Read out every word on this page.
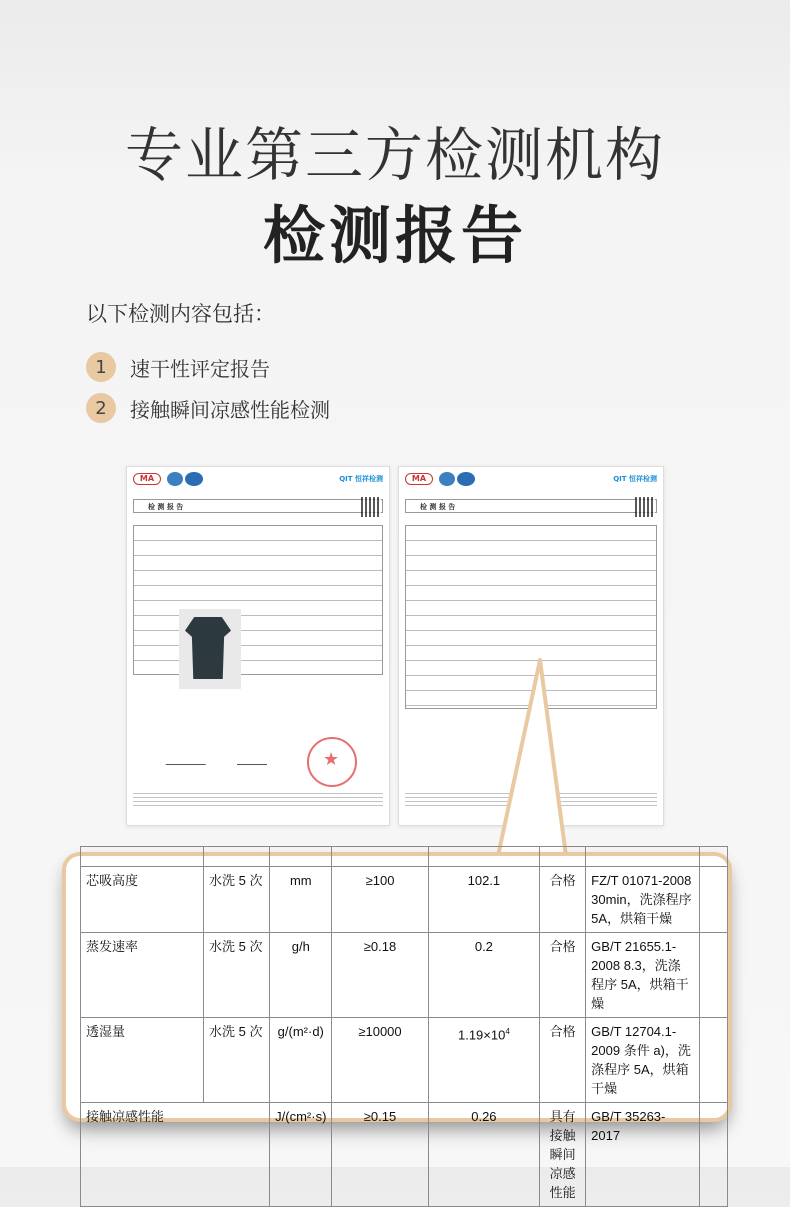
专业第三方检测机构
检测报告
以下检测内容包括：
1	速干性评定报告
2	接触瞬间凉感性能检测
MA	QIT 恒祥检测
检 测 报 告
★
MA	QIT 恒祥检测
检 测 报 告

芯吸高度	水洗 5 次	mm	≥100	102.1	合格	FZ/T 01071-2008 30min，洗涤程序 5A，烘箱干燥	
蒸发速率	水洗 5 次	g/h	≥0.18	0.2	合格	GB/T 21655.1-2008 8.3，洗涤程序 5A，烘箱干燥	
透湿量	水洗 5 次	g/(m²·d)	≥10000	$1.19\times 10^4$	合格	GB/T 12704.1-2009 条件 a)，洗涤程序 5A，烘箱干燥	
接触凉感性能		J/(cm²·s)	≥0.15	0.26	具有接触瞬间凉感性能	GB/T 35263-2017	
